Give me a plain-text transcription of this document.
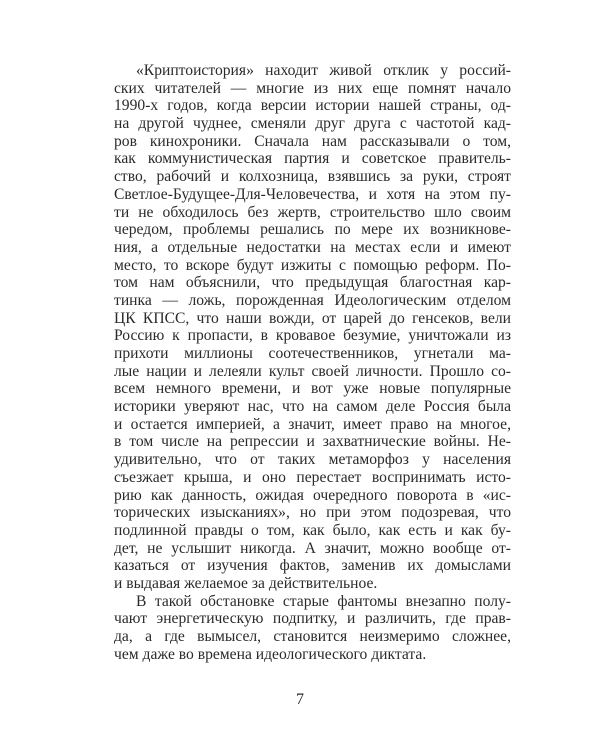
«Криптоистория» находит живой отклик у россий-
ских читателей — многие из них еще помнят начало
1990-х годов, когда версии истории нашей страны, од-
на другой чуднее, сменяли друг друга с частотой кад-
ров кинохроники. Сначала нам рассказывали о том,
как коммунистическая партия и советское правитель-
ство, рабочий и колхозница, взявшись за руки, строят
Светлое-Будущее-Для-Человечества, и хотя на этом пу-
ти не обходилось без жертв, строительство шло своим
чередом, проблемы решались по мере их возникнове-
ния, а отдельные недостатки на местах если и имеют
место, то вскоре будут изжиты с помощью реформ. По-
том нам объяснили, что предыдущая благостная кар-
тинка — ложь, порожденная Идеологическим отделом
ЦК КПСС, что наши вожди, от царей до генсеков, вели
Россию к пропасти, в кровавое безумие, уничтожали из
прихоти миллионы соотечественников, угнетали ма-
лые нации и лелеяли культ своей личности. Прошло со-
всем немного времени, и вот уже новые популярные
историки уверяют нас, что на самом деле Россия была
и остается империей, а значит, имеет право на многое,
в том числе на репрессии и захватнические войны. Не-
удивительно, что от таких метаморфоз у населения
съезжает крыша, и оно перестает воспринимать исто-
рию как данность, ожидая очередного поворота в «ис-
торических изысканиях», но при этом подозревая, что
подлинной правды о том, как было, как есть и как бу-
дет, не услышит никогда. А значит, можно вообще от-
казаться от изучения фактов, заменив их домыслами
и выдавая желаемое за действительное.
В такой обстановке старые фантомы внезапно полу-
чают энергетическую подпитку, и различить, где прав-
да, а где вымысел, становится неизмеримо сложнее,
чем даже во времена идеологического диктата.
7
